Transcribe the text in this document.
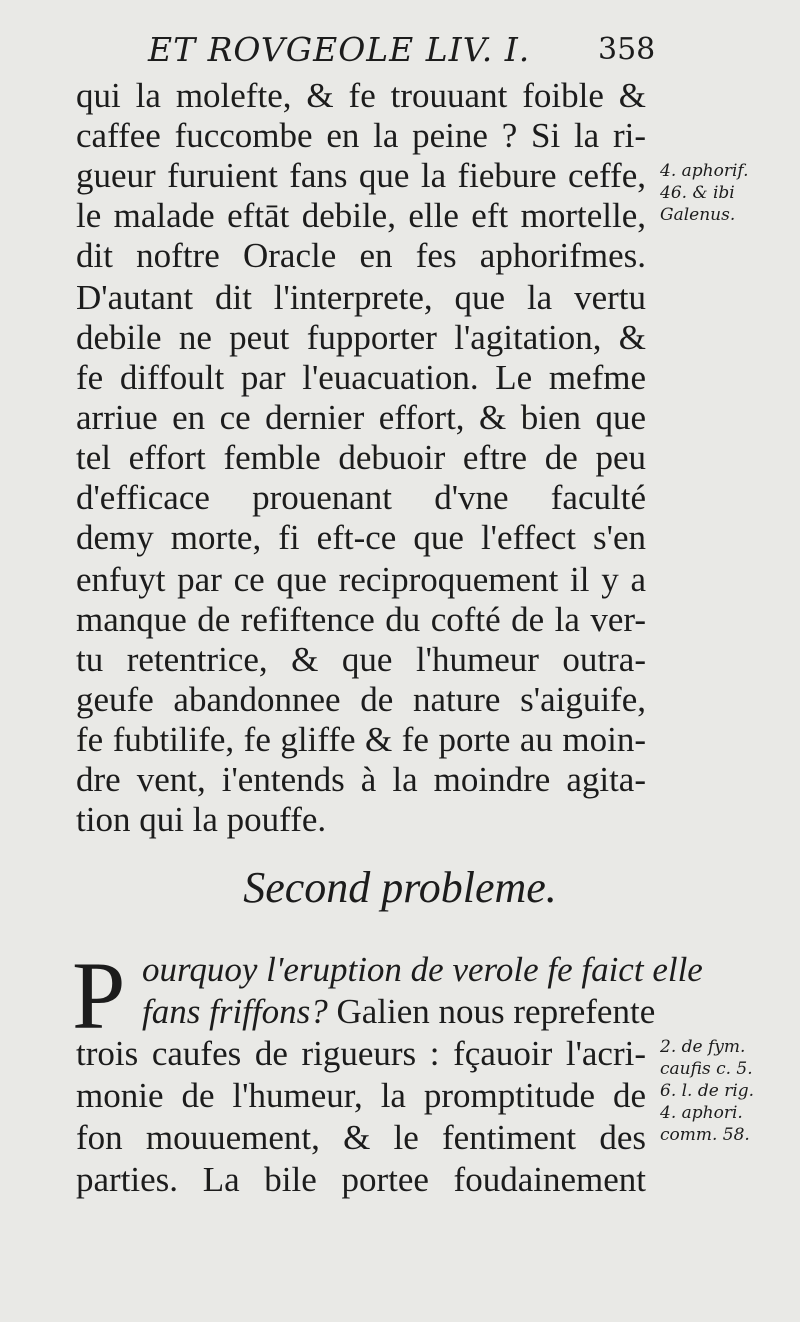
ET ROVGEOLE LIV. I.	358
qui la molefte, & fe trouuant foible &
caffee fuccombe en la peine ? Si la ri-
gueur furuient fans que la fiebure ceffe,
le malade eftāt debile, elle eft mortelle,
dit noftre Oracle en fes aphorifmes.
D'autant dit l'interprete, que la vertu
debile ne peut fupporter l'agitation, &
fe diffoult par l'euacuation. Le mefme
arriue en ce dernier effort, & bien que
tel effort femble debuoir eftre de peu
d'efficace prouenant d'vne faculté
demy morte, fi eft-ce que l'effect s'en
enfuyt par ce que reciproquement il y a
manque de refiftence du cofté de la ver-
tu retentrice, & que l'humeur outra-
geufe abandonnee de nature s'aiguife,
fe fubtilife, fe gliffe & fe porte au moin-
dre vent, i'entends à la moindre agita-
tion qui la pouffe.
4. aphorif.
46. & ibi
Galenus.
Second probleme.
P ourquoy l'eruption de verole fe faict elle
fans friffons? Galien nous reprefente
trois caufes de rigueurs : fçauoir l'acri-
monie de l'humeur, la promptitude de
fon mouuement, & le fentiment des
parties. La bile portee foudainement
2. de fym.
caufis c. 5.
6. l. de rig.
4. aphori.
comm. 58.
